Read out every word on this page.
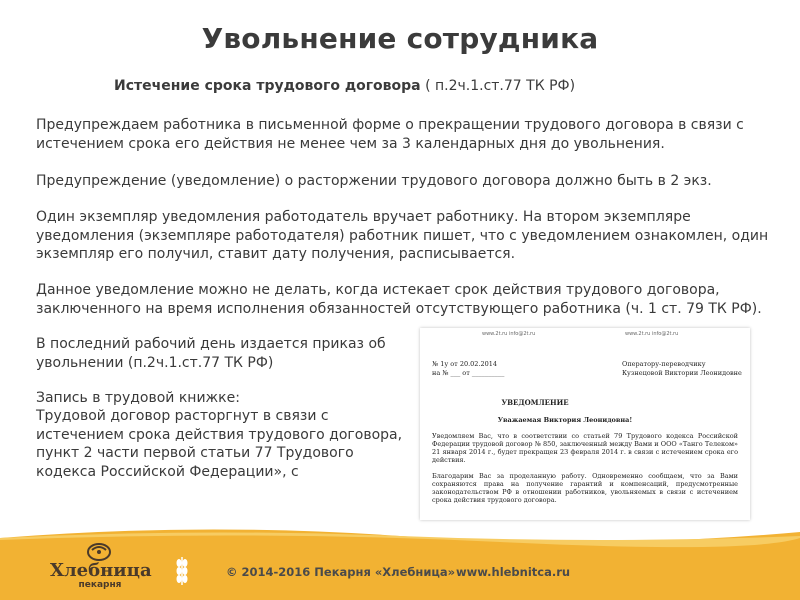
Увольнение сотрудника
Истечение срока трудового договора ( п.2ч.1.ст.77 ТК РФ)
Предупреждаем работника в письменной форме о прекращении трудового договора в связи с истечением срока его действия не менее чем за 3 календарных дня до увольнения.
Предупреждение (уведомление) о расторжении трудового договора должно быть в 2 экз.
Один экземпляр уведомления работодатель вручает работнику. На втором экземпляре уведомления (экземпляре работодателя) работник пишет, что с уведомлением ознакомлен, один экземпляр его получил, ставит дату получения, расписывается.
Данное уведомление можно не делать, когда истекает срок действия трудового договора, заключенного на время исполнения обязанностей отсутствующего работника (ч. 1 ст. 79 ТК РФ).
В последний рабочий день издается приказ об увольнении (п.2ч.1.ст.77 ТК РФ)
Запись в трудовой книжке:
Трудовой договор расторгнут в связи с истечением срока действия трудового договора, пункт 2 части первой статьи 77 Трудового кодекса Российской Федерации», с
www.2t.ru info@2t.ru	www.2t.ru info@2t.ru
№ 1у от 20.02.2014
на № ___ от __________
Оператору-переводчику
Кузнецовой Виктории Леонидовне
УВЕДОМЛЕНИЕ
Уважаемая Виктория Леонидовна!
Уведомляем Вас, что в соответствии со статьей 79 Трудового кодекса Российской Федерации трудовой договор № 850, заключенный между Вами и ООО «Танго Телеком» 21 января 2014 г., будет прекращен 23 февраля 2014 г. в связи с истечением срока его действия.
Благодарим Вас за проделанную работу. Одновременно сообщаем, что за Вами сохраняются права на получение гарантий и компенсаций, предусмотренные законодательством РФ в отношении работников, увольняемых в связи с истечением срока действия трудового договора.
Хлебница
пекарня
© 2014-2016 Пекарня «Хлебница» www.hlebnitca.ru
